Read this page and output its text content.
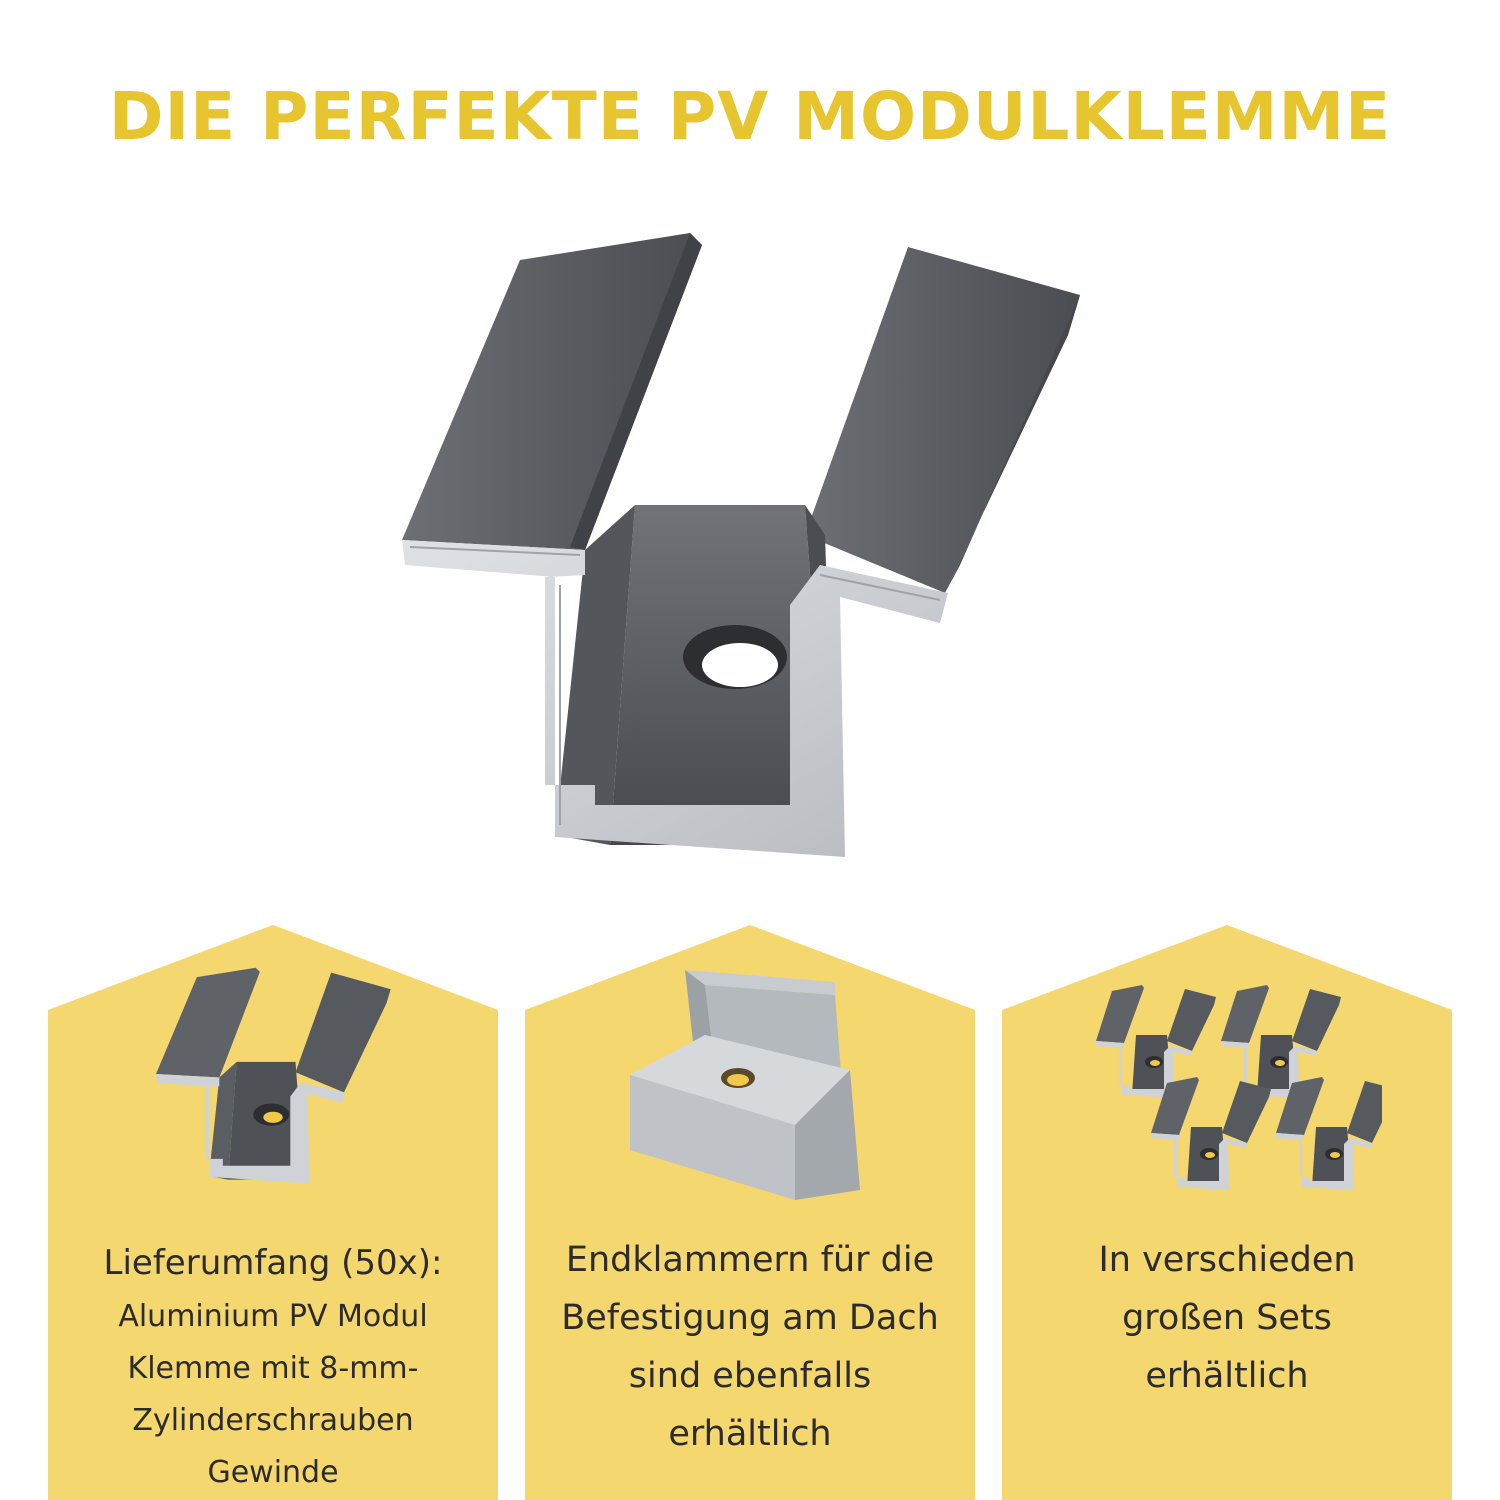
DIE PERFEKTE PV MODULKLEMME
Lieferumfang (50x):
Aluminium PV Modul
Klemme mit 8-mm-
Zylinderschrauben
Gewinde
Endklammern für die
Befestigung am Dach
sind ebenfalls
erhältlich
In verschieden
großen Sets
erhältlich
